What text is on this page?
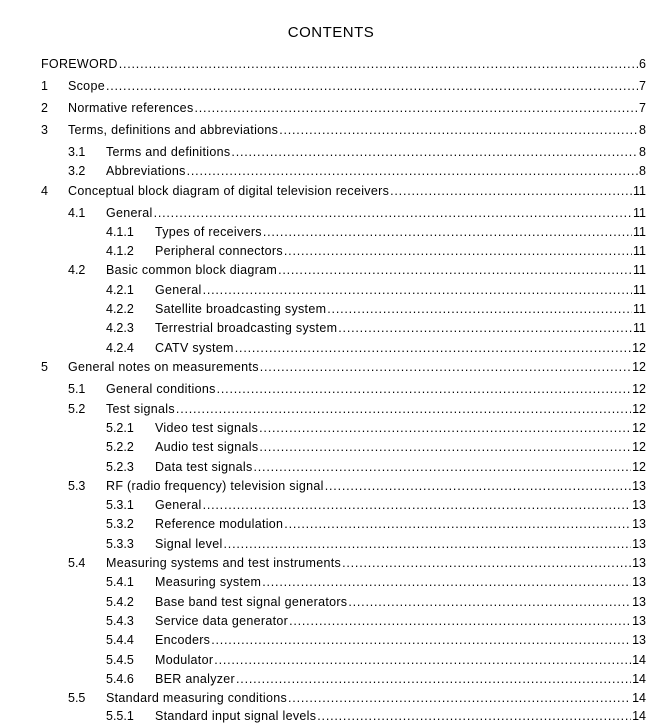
CONTENTS
FOREWORD .....	6
1 Scope .....	7
2 Normative references .....	7
3 Terms, definitions and abbreviations .....	8
3.1 Terms and definitions .....	8
3.2 Abbreviations .....	8
4 Conceptual block diagram of digital television receivers .....	11
4.1 General .....	11
4.1.1 Types of receivers .....	11
4.1.2 Peripheral connectors .....	11
4.2 Basic common block diagram .....	11
4.2.1 General .....	11
4.2.2 Satellite broadcasting system .....	11
4.2.3 Terrestrial broadcasting system .....	11
4.2.4 CATV system .....	12
5 General notes on measurements .....	12
5.1 General conditions .....	12
5.2 Test signals .....	12
5.2.1 Video test signals .....	12
5.2.2 Audio test signals .....	12
5.2.3 Data test signals .....	12
5.3 RF (radio frequency) television signal .....	13
5.3.1 General .....	13
5.3.2 Reference modulation .....	13
5.3.3 Signal level .....	13
5.4 Measuring systems and test instruments .....	13
5.4.1 Measuring system .....	13
5.4.2 Base band test signal generators .....	13
5.4.3 Service data generator .....	13
5.4.4 Encoders .....	13
5.4.5 Modulator .....	14
5.4.6 BER analyzer .....	14
5.5 Standard measuring conditions .....	14
5.5.1 Standard input signal levels .....	14
